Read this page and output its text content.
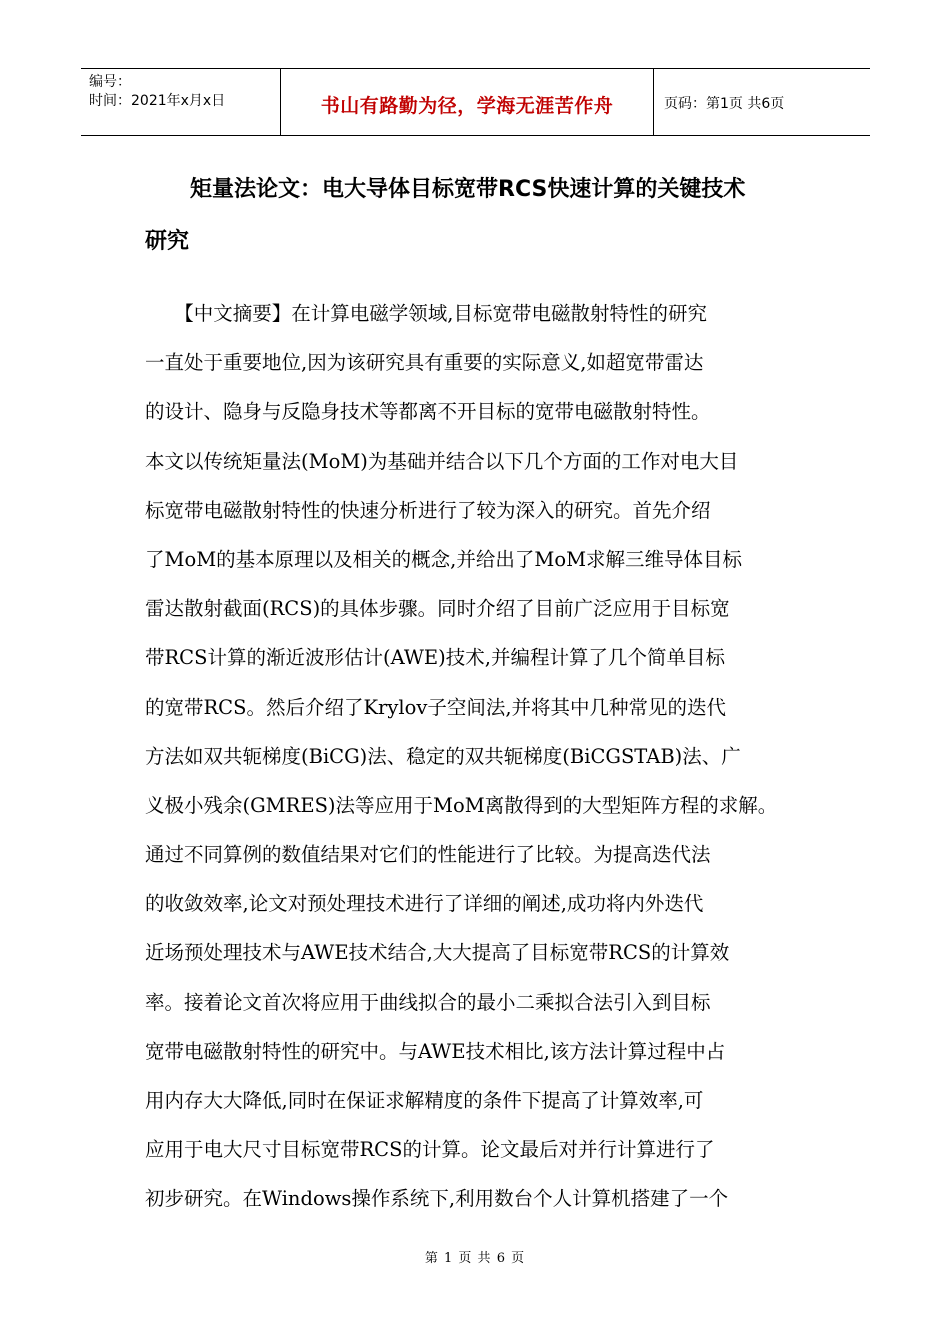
编号：
时间：2021年x月x日	书山有路勤为径，学海无涯苦作舟	页码：第1页 共6页
矩量法论文：电大导体目标宽带RCS快速计算的关键技术
研究
　　【中文摘要】在计算电磁学领域,目标宽带电磁散射特性的研究
一直处于重要地位,因为该研究具有重要的实际意义,如超宽带雷达
的设计、隐身与反隐身技术等都离不开目标的宽带电磁散射特性。
本文以传统矩量法(MoM)为基础并结合以下几个方面的工作对电大目
标宽带电磁散射特性的快速分析进行了较为深入的研究。首先介绍
了MoM的基本原理以及相关的概念,并给出了MoM求解三维导体目标
雷达散射截面(RCS)的具体步骤。同时介绍了目前广泛应用于目标宽
带RCS计算的渐近波形估计(AWE)技术,并编程计算了几个简单目标
的宽带RCS。然后介绍了Krylov子空间法,并将其中几种常见的迭代
方法如双共轭梯度(BiCG)法、稳定的双共轭梯度(BiCGSTAB)法、广
义极小残余(GMRES)法等应用于MoM离散得到的大型矩阵方程的求解。
通过不同算例的数值结果对它们的性能进行了比较。为提高迭代法
的收敛效率,论文对预处理技术进行了详细的阐述,成功将内外迭代
近场预处理技术与AWE技术结合,大大提高了目标宽带RCS的计算效
率。接着论文首次将应用于曲线拟合的最小二乘拟合法引入到目标
宽带电磁散射特性的研究中。与AWE技术相比,该方法计算过程中占
用内存大大降低,同时在保证求解精度的条件下提高了计算效率,可
应用于电大尺寸目标宽带RCS的计算。论文最后对并行计算进行了
初步研究。在Windows操作系统下,利用数台个人计算机搭建了一个
第 1 页 共 6 页
